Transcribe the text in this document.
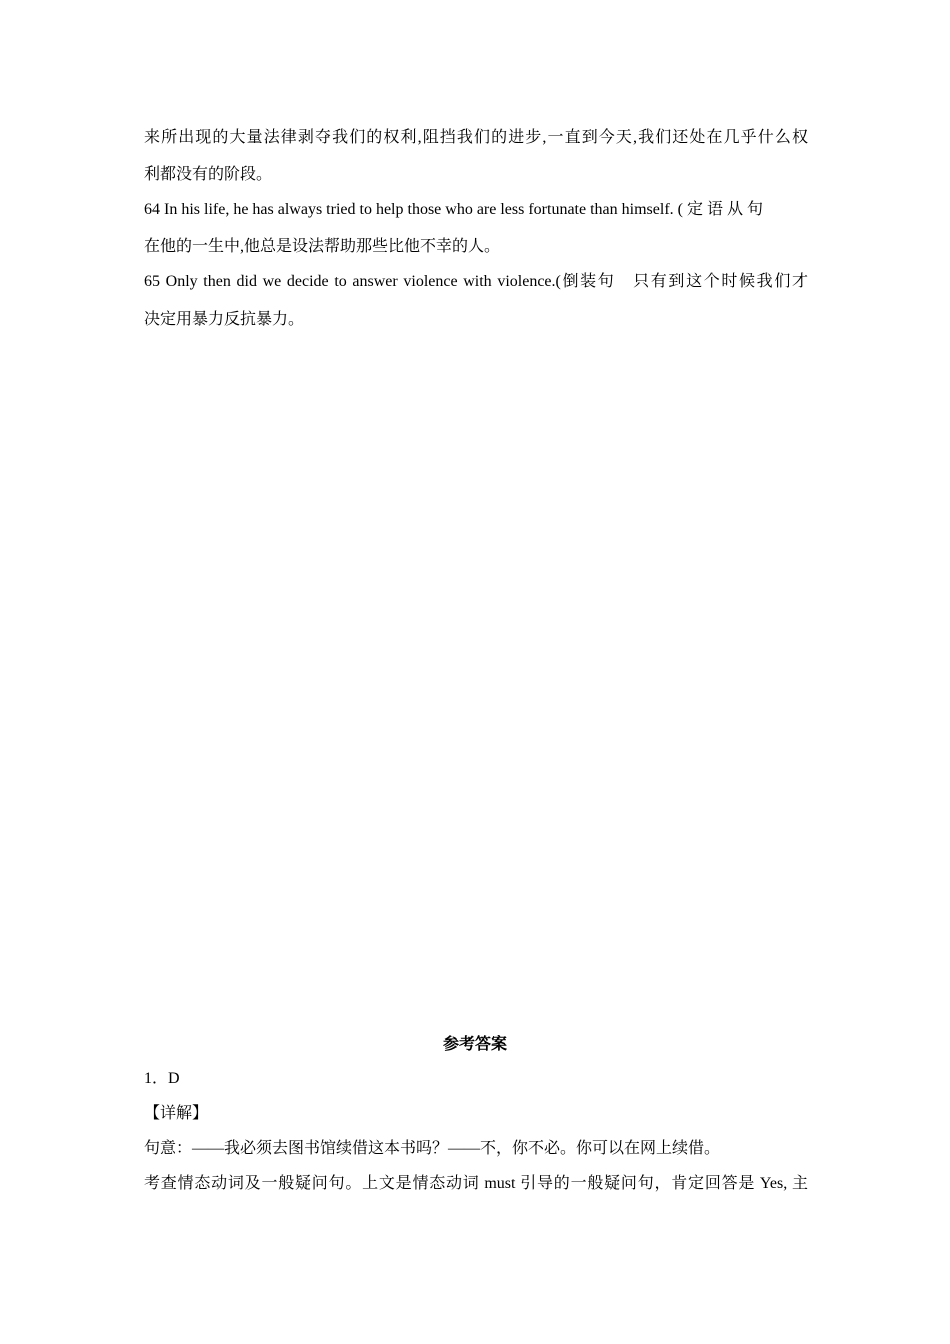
来所出现的大量法律剥夺我们的权利,阻挡我们的进步,一直到今天,我们还处在几乎什么权
利都没有的阶段。
64 In his life, he has always tried to help those who are less fortunate than himself. ( 定 语 从 句
在他的一生中,他总是设法帮助那些比他不幸的人。
65 Only then did we decide to answer violence with violence.(倒装句　只有到这个时候我们才
决定用暴力反抗暴力。
参考答案
1．D
【详解】
句意：——我必须去图书馆续借这本书吗？——不，你不必。你可以在网上续借。
考查情态动词及一般疑问句。上文是情态动词 must 引导的一般疑问句，肯定回答是 Yes, 主
